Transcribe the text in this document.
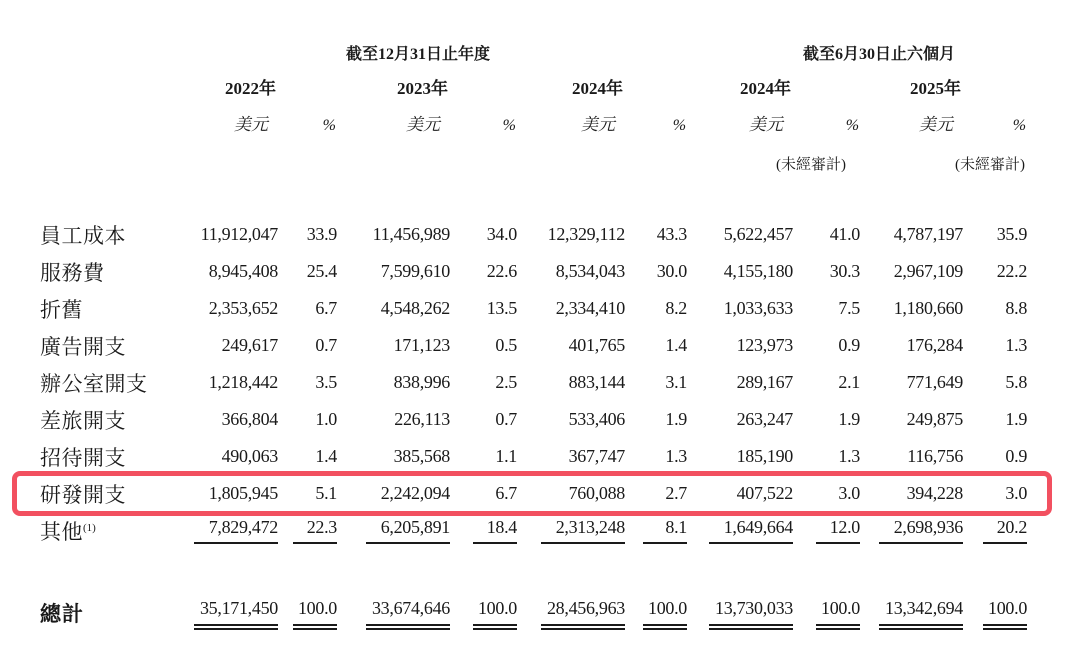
	截至12月31日止年度						截至6月30日止六個月			
	2022年		2023年		2024年		2024年		2025年	
	美元	%	美元	%	美元	%	美元	%	美元	%
							(未經審計)		(未經審計)	

員工成本	11,912,047	33.9	11,456,989	34.0	12,329,112	43.3	5,622,457	41.0	4,787,197	35.9
服務費	8,945,408	25.4	7,599,610	22.6	8,534,043	30.0	4,155,180	30.3	2,967,109	22.2
折舊	2,353,652	6.7	4,548,262	13.5	2,334,410	8.2	1,033,633	7.5	1,180,660	8.8
廣告開支	249,617	0.7	171,123	0.5	401,765	1.4	123,973	0.9	176,284	1.3
辦公室開支	1,218,442	3.5	838,996	2.5	883,144	3.1	289,167	2.1	771,649	5.8
差旅開支	366,804	1.0	226,113	0.7	533,406	1.9	263,247	1.9	249,875	1.9
招待開支	490,063	1.4	385,568	1.1	367,747	1.3	185,190	1.3	116,756	0.9
研發開支	1,805,945	5.1	2,242,094	6.7	760,088	2.7	407,522	3.0	394,228	3.0
其他$^{(1)}$	7,829,472	22.3	6,205,891	18.4	2,313,248	8.1	1,649,664	12.0	2,698,936	20.2

總計	35,171,450	100.0	33,674,646	100.0	28,456,963	100.0	13,730,033	100.0	13,342,694	100.0
